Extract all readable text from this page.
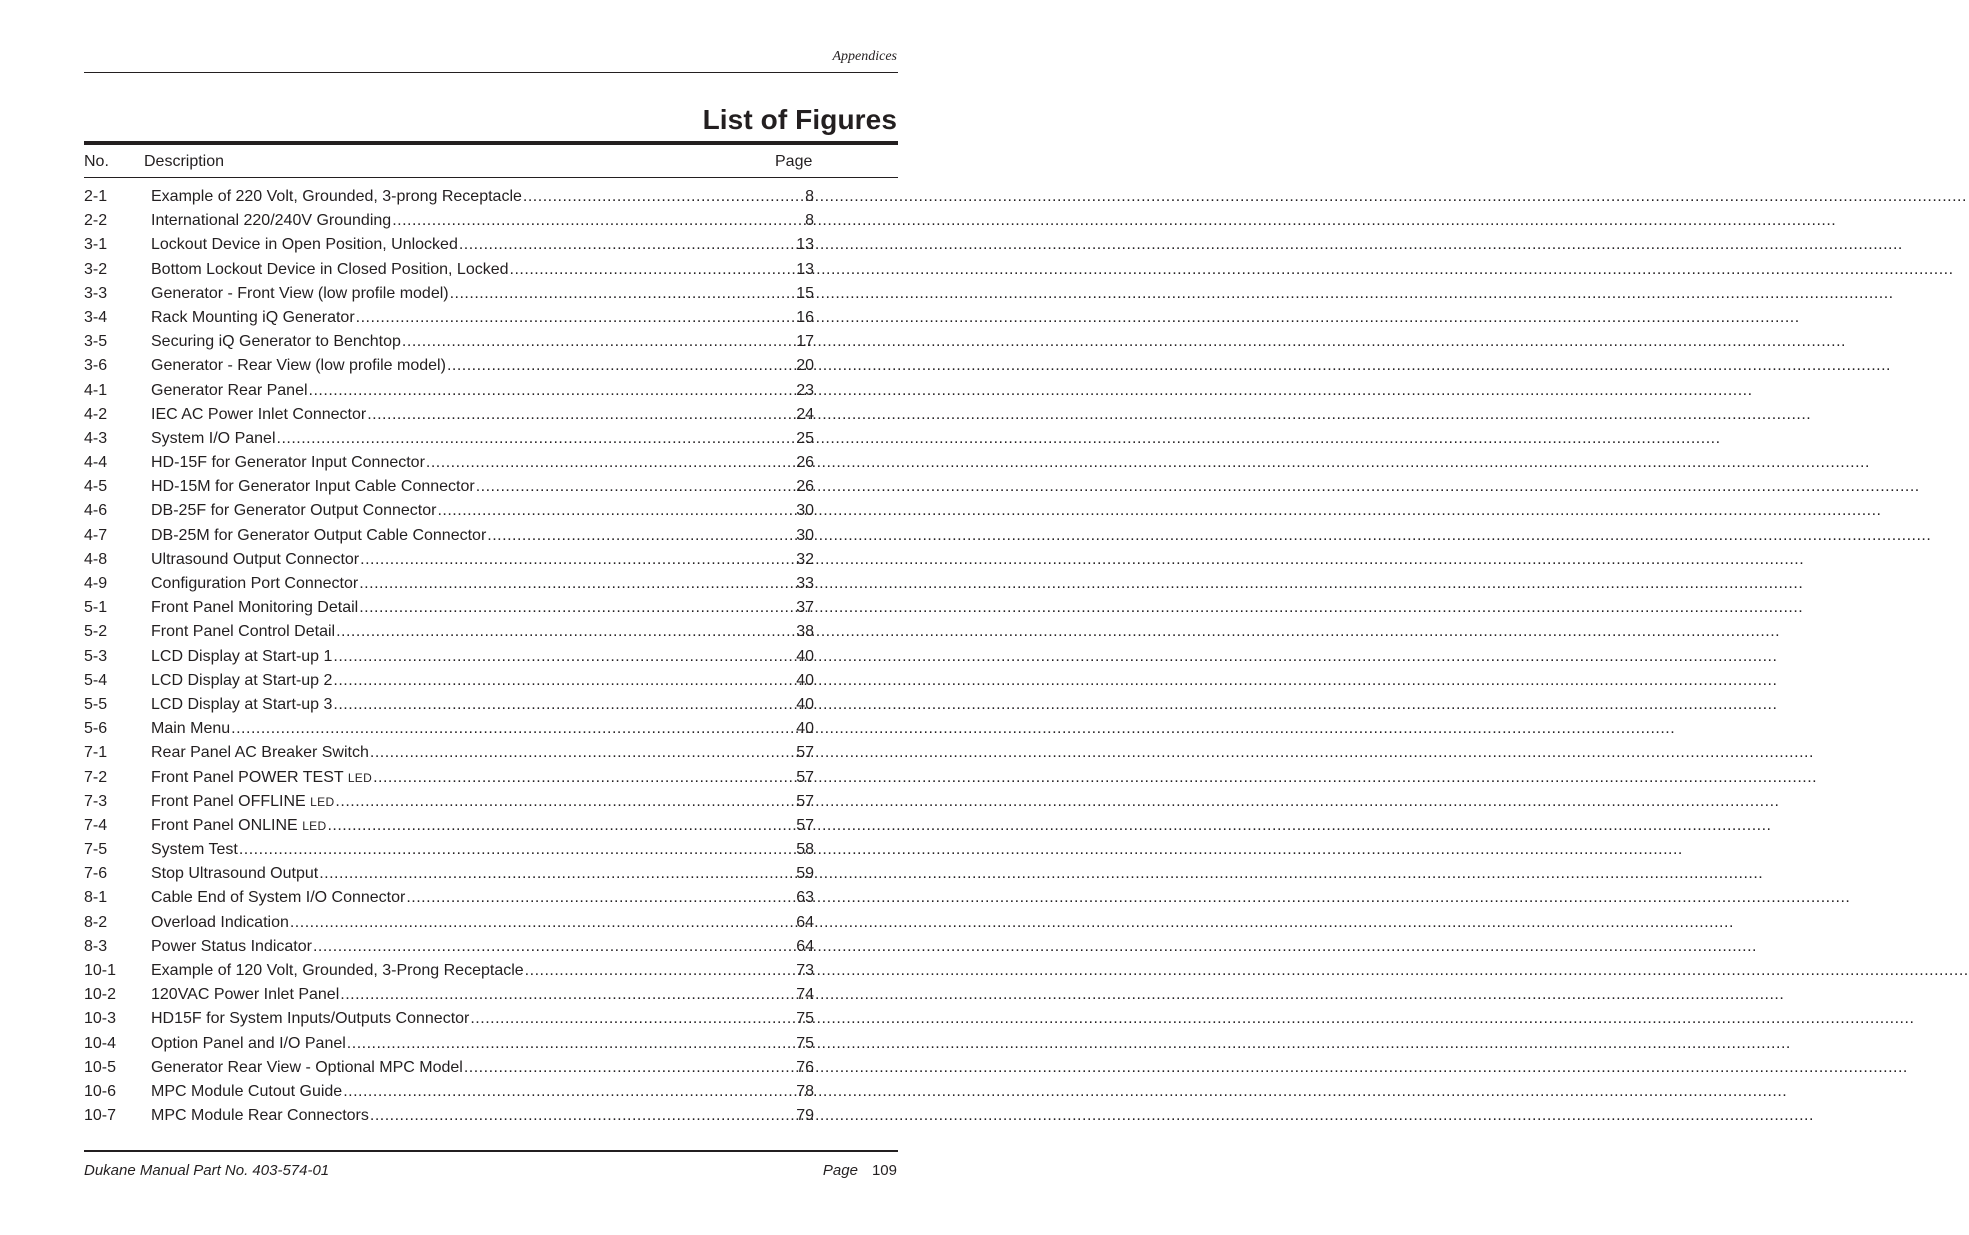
Appendices
List of Figures
No. Description	Page
2-1	Example of 220 Volt, Grounded, 3-prong Receptacle .....	8
2-2	International 220/240V Grounding .....	8
3-1	Lockout Device in Open Position, Unlocked .....	13
3-2	Bottom Lockout Device in Closed Position, Locked .....	13
3-3	Generator - Front View (low profile model) .....	15
3-4	Rack Mounting iQ Generator .....	16
3-5	Securing iQ Generator to Benchtop .....	17
3-6	Generator - Rear View (low profile model) .....	20
4-1	Generator Rear Panel .....	23
4-2	IEC AC Power Inlet Connector .....	24
4-3	System I/O Panel .....	25
4-4	HD-15F for Generator Input Connector .....	26
4-5	HD-15M for Generator Input Cable Connector .....	26
4-6	DB-25F for Generator Output Connector .....	30
4-7	DB-25M for Generator Output Cable Connector .....	30
4-8	Ultrasound Output Connector .....	32
4-9	Configuration Port Connector .....	33
5-1	Front Panel Monitoring Detail .....	37
5-2	Front Panel Control Detail .....	38
5-3	LCD Display at Start-up 1 .....	40
5-4	LCD Display at Start-up 2 .....	40
5-5	LCD Display at Start-up 3 .....	40
5-6	Main Menu .....	40
7-1	Rear Panel AC Breaker Switch .....	57
7-2	Front Panel POWER TEST LED .....	57
7-3	Front Panel OFFLINE LED .....	57
7-4	Front Panel ONLINE LED .....	57
7-5	System Test .....	58
7-6	Stop Ultrasound Output .....	59
8-1	Cable End of System I/O Connector .....	63
8-2	Overload Indication .....	64
8-3	Power Status Indicator .....	64
10-1	Example of 120 Volt, Grounded, 3-Prong Receptacle .....	73
10-2	120VAC Power Inlet Panel .....	74
10-3	HD15F for System Inputs/Outputs Connector .....	75
10-4	Option Panel and I/O Panel .....	75
10-5	Generator Rear View - Optional MPC Model .....	76
10-6	MPC Module Cutout Guide .....	78
10-7	MPC Module Rear Connectors .....	79
Dukane Manual Part No. 403-574-01	Page 109
